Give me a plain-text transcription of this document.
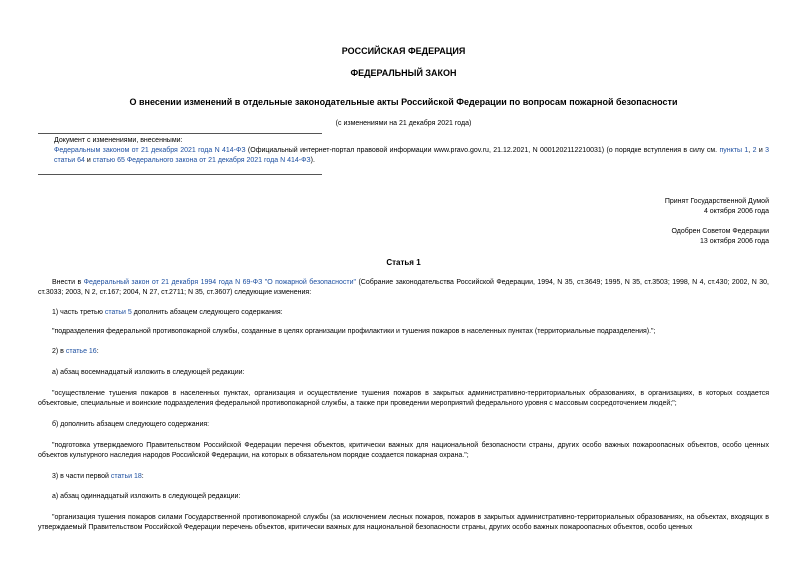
РОССИЙСКАЯ ФЕДЕРАЦИЯ
ФЕДЕРАЛЬНЫЙ ЗАКОН
О внесении изменений в отдельные законодательные акты Российской Федерации по вопросам пожарной безопасности
(с изменениями на 21 декабря 2021 года)
Документ с изменениями, внесенными:
Федеральным законом от 21 декабря 2021 года N 414-ФЗ (Официальный интернет-портал правовой информации www.pravo.gov.ru, 21.12.2021, N 0001202112210031) (о порядке вступления в силу см. пункты 1, 2 и 3 статьи 64 и статью 65 Федерального закона от 21 декабря 2021 года N 414-ФЗ).
Принят Государственной Думой
4 октября 2006 года
Одобрен Советом Федерации
13 октября 2006 года
Статья 1
Внести в Федеральный закон от 21 декабря 1994 года N 69-ФЗ "О пожарной безопасности" (Собрание законодательства Российской Федерации, 1994, N 35, ст.3649; 1995, N 35, ст.3503; 1998, N 4, ст.430; 2002, N 30, ст.3033; 2003, N 2, ст.167; 2004, N 27, ст.2711; N 35, ст.3607) следующие изменения:
1) часть третью статьи 5 дополнить абзацем следующего содержания:
"подразделения федеральной противопожарной службы, созданные в целях организации профилактики и тушения пожаров в населенных пунктах (территориальные подразделения).";
2) в статье 16:
а) абзац восемнадцатый изложить в следующей редакции:
"осуществление тушения пожаров в населенных пунктах, организация и осуществление тушения пожаров в закрытых административно-территориальных образованиях, в организациях, в которых создается объектовые, специальные и воинские подразделения федеральной противопожарной службы, а также при проведении мероприятий федерального уровня с массовым сосредоточением людей;";
б) дополнить абзацем следующего содержания:
"подготовка утверждаемого Правительством Российской Федерации перечня объектов, критически важных для национальной безопасности страны, других особо важных пожароопасных объектов, особо ценных объектов культурного наследия народов Российской Федерации, на которых в обязательном порядке создается пожарная охрана.";
3) в части первой статьи 18:
а) абзац одиннадцатый изложить в следующей редакции:
"организация тушения пожаров силами Государственной противопожарной службы (за исключением лесных пожаров, пожаров в закрытых административно-территориальных образованиях, на объектах, входящих в утверждаемый Правительством Российской Федерации перечень объектов, критически важных для национальной безопасности страны, других особо важных пожароопасных объектов, особо ценных
